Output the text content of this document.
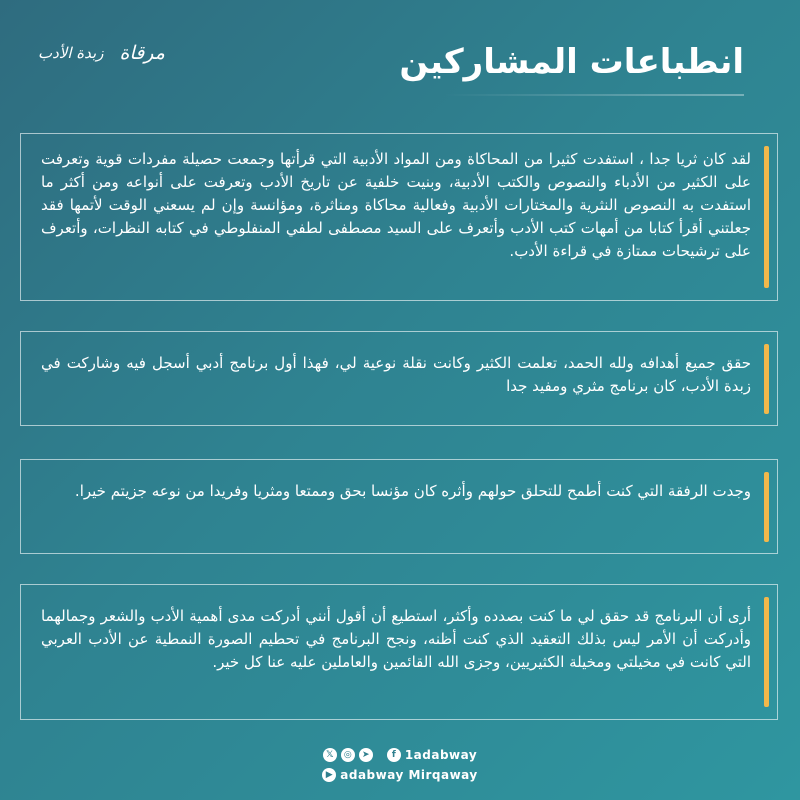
زبدة الأدب مرقاة	انطباعات المشاركين

لقد كان ثريا جدا ، استفدت كثيرا من المحاكاة ومن المواد الأدبية التي قرأتها وجمعت حصيلة مفردات قوية وتعرفت على الكثير من الأدباء والنصوص والكتب الأدبية، وبنيت خلفية عن تاريخ الأدب وتعرفت على أنواعه ومن أكثر ما استفدت به النصوص النثرية والمختارات الأدبية وفعالية محاكاة ومناثرة، ومؤانسة وإن لم يسعني الوقت لأتمها فقد جعلتني أقرأ كتابا من أمهات كتب الأدب وأتعرف على السيد مصطفى لطفي المنفلوطي في كتابه النظرات، وأتعرف على ترشيحات ممتازة في قراءة الأدب.

حقق جميع أهدافه ولله الحمد، تعلمت الكثير وكانت نقلة نوعية لي، فهذا أول برنامج أدبي أسجل فيه وشاركت في زبدة الأدب، كان برنامج مثري ومفيد جدا

وجدت الرفقة التي كنت أطمح للتحلق حولهم وأثره كان مؤنسا بحق وممتعا ومثريا وفريدا من نوعه جزيتم خيرا.

أرى أن البرنامج قد حقق لي ما كنت بصدده وأكثر، استطيع أن أقول أنني أدركت مدى أهمية الأدب والشعر وجمالهما وأدركت أن الأمر ليس بذلك التعقيد الذي كنت أظنه، ونجح البرنامج في تحطيم الصورة النمطية عن الأدب العربي التي كانت في مخيلتي ومخيلة الكثيريين، وجزى الله القائمين والعاملين عليه عنا كل خير.

𝕏	◎	➤	f 1adabway
▶ adabway Mirqaway
